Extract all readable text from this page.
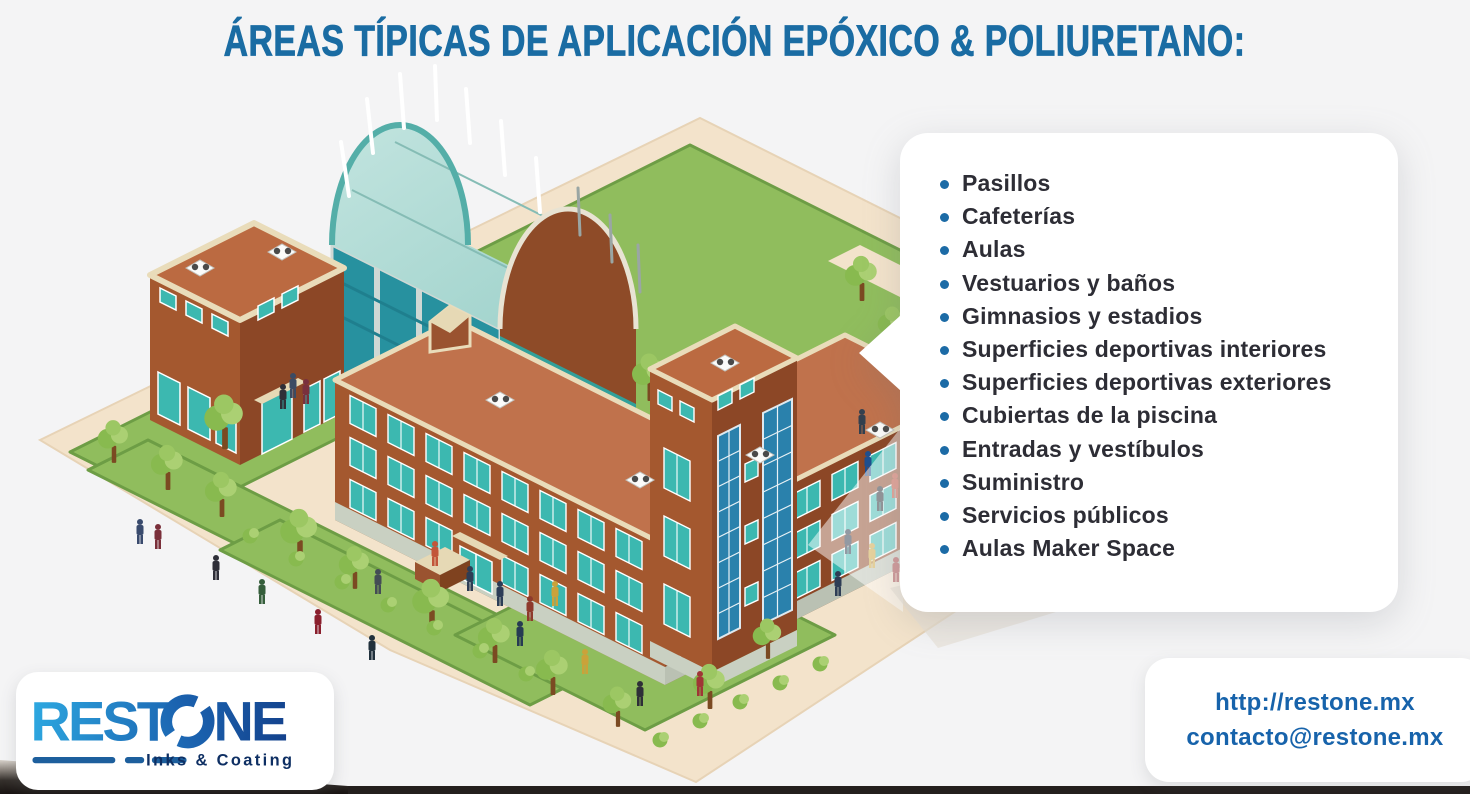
ÁREAS TÍPICAS DE APLICACIÓN EPÓXICO & POLIURETANO:
Pasillos
Cafeterías
Aulas
Vestuarios y baños
Gimnasios y estadios
Superficies deportivas interiores
Superficies deportivas exteriores
Cubiertas de la piscina
Entradas y vestíbulos
Suministro
Servicios públicos
Aulas Maker Space
REST NE
Inks & Coating
http://restone.mx
contacto@restone.mx
